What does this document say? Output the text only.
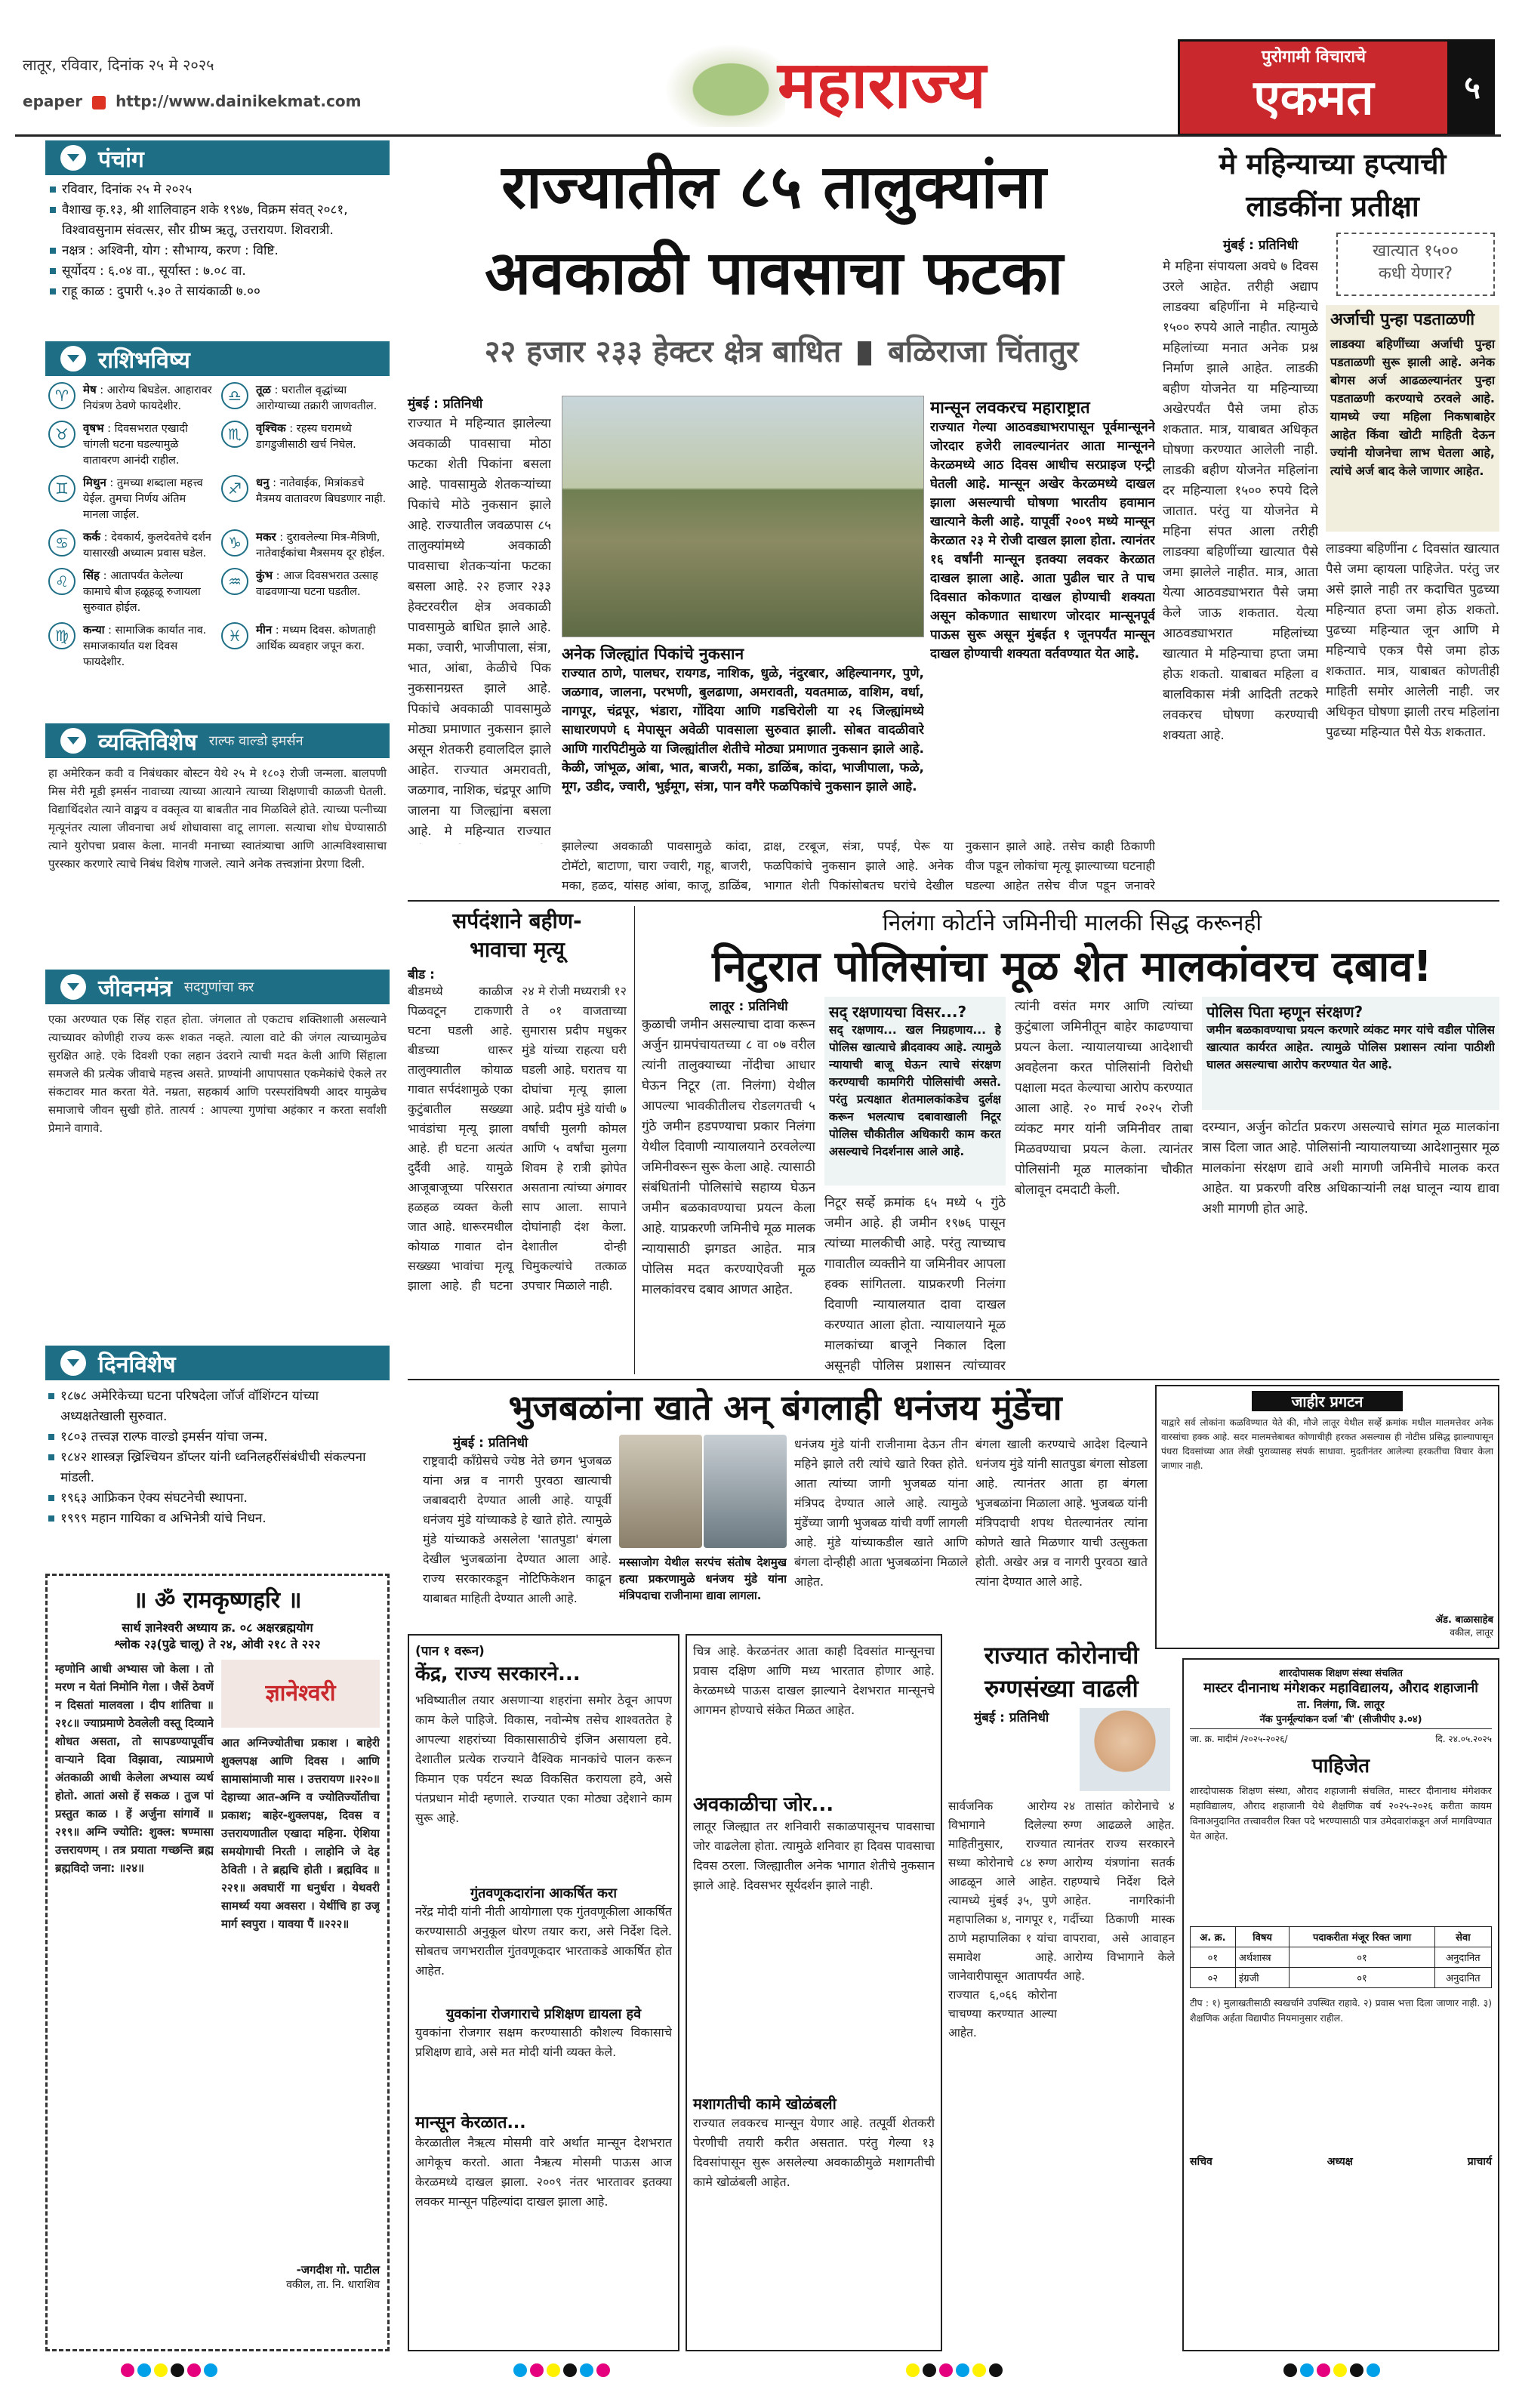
लातूर, रविवार, दिनांक २५ मे २०२५
epaper http://www.dainikekmat.com	महाराज्य	पुरोगामी विचाराचे
एकमत	५
पंचांग
रविवार, दिनांक २५ मे २०२५
वैशाख कृ.१३, श्री शालिवाहन शके १९४७, विक्रम संवत् २०८१, विश्वावसुनाम संवत्सर, सौर ग्रीष्म ऋतू, उत्तरायण. शिवरात्री.
नक्षत्र : अश्विनी, योग : सौभाग्य, करण : विष्टि.
सूर्योदय : ६.०४ वा., सूर्यास्त : ७.०८ वा.
राहू काळ : दुपारी ५.३० ते सायंकाळी ७.००
राशिभविष्य
♈	मेष : आरोग्य बिघडेल. आहारावर नियंत्रण ठेवणे फायदेशीर.
♎	तूळ : घरातील वृद्धांच्या आरोग्याच्या तक्रारी जाणवतील.
♉	वृषभ : दिवसभरात एखादी चांगली घटना घडल्यामुळे वातावरण आनंदी राहील.
♏	वृश्चिक : रहस्य घरामध्ये डागडुजीसाठी खर्च निघेल.
♊	मिथुन : तुमच्या शब्दाला महत्त्व येईल. तुमचा निर्णय अंतिम मानला जाईल.
♐	धनु : नातेवाईक, मित्रांकडचे मैत्रमय वातावरण बिघडणार नाही.
♋	कर्क : देवकार्य, कुलदेवतेचे दर्शन यासारखी अध्यात्म प्रवास घडेल.
♑	मकर : दुरावलेल्या मित्र-मैत्रिणी, नातेवाईकांचा मैत्रसमय दूर होईल.
♌	सिंह : आतापर्यंत केलेल्या कामाचे बीज हळूहळू रुजायला सुरुवात होईल.
♒	कुंभ : आज दिवसभरात उत्साह वाढवणाऱ्या घटना घडतील.
♍	कन्या : सामाजिक कार्यात नाव. समाजकार्यात यश दिवस फायदेशीर.
♓	मीन : मध्यम दिवस. कोणताही आर्थिक व्यवहार जपून करा.
व्यक्तिविशेष राल्फ वाल्डो इमर्सन
हा अमेरिकन कवी व निबंधकार बोस्टन येथे २५ मे १८०३ रोजी जन्मला. बालपणी मिस मेरी मूडी इमर्सन नावाच्या त्याच्या आत्याने त्याच्या शिक्षणाची काळजी घेतली. विद्यार्थिदशेत त्याने वाङ्मय व वक्तृत्व या बाबतीत नाव मिळविले होते. त्याच्या पत्नीच्या मृत्यूनंतर त्याला जीवनाचा अर्थ शोधावासा वाटू लागला. सत्याचा शोध घेण्यासाठी त्याने युरोपचा प्रवास केला. मानवी मनाच्या स्वातंत्र्याचा आणि आत्मविश्वासाचा पुरस्कार करणारे त्याचे निबंध विशेष गाजले. त्याने अनेक तत्त्वज्ञांना प्रेरणा दिली.
जीवनमंत्र सदगुणांचा कर
एका अरण्यात एक सिंह राहत होता. जंगलात तो एकटाच शक्तिशाली असल्याने त्याच्यावर कोणीही राज्य करू शकत नव्हते. त्याला वाटे की जंगल त्याच्यामुळेच सुरक्षित आहे. एके दिवशी एका लहान उंदराने त्याची मदत केली आणि सिंहाला समजले की प्रत्येक जीवाचे महत्त्व असते. प्राण्यांनी आपापसात एकमेकांचे ऐकले तर संकटावर मात करता येते. नम्रता, सहकार्य आणि परस्परांविषयी आदर यामुळेच समाजाचे जीवन सुखी होते. तात्पर्य : आपल्या गुणांचा अहंकार न करता सर्वांशी प्रेमाने वागावे.
दिनविशेष
१८७८ अमेरिकेच्या घटना परिषदेला जॉर्ज वॉशिंग्टन यांच्या अध्यक्षतेखाली सुरुवात.
१८०३ तत्त्वज्ञ राल्फ वाल्डो इमर्सन यांचा जन्म.
१८४२ शास्त्रज्ञ ख्रिश्चियन डॉप्लर यांनी ध्वनिलहरींसंबंधीची संकल्पना मांडली.
१९६३ आफ्रिकन ऐक्य संघटनेची स्थापना.
१९९९ महान गायिका व अभिनेत्री यांचे निधन.
॥ ॐ रामकृष्णहरि ॥
सार्थ ज्ञानेश्वरी अध्याय क्र. ०८ अक्षरब्रह्मयोग
श्लोक २३(पुढे चालू) ते २४, ओवी २१८ ते २२२
म्हणोनि आधी अभ्यास जो केला । तो मरण न येतां निमोनि गेला । जैसें ठेवणें न दिसतां मालवला । दीप शांतिचा ॥२१८॥ ज्याप्रमाणे ठेवलेली वस्तू दिव्याने शोधत असता, तो सापडण्यापूर्वीच वाऱ्याने दिवा विझावा, त्याप्रमाणे अंतकाळी आधी केलेला अभ्यास व्यर्थ होतो. आतां असो हें सकळ । तुज पां प्रस्तुत काळ । हें अर्जुना सांगावें ॥२१९॥ अग्नि ज्योति: शुक्ल: षण्मासा उत्तरायणम् । तत्र प्रयाता गच्छन्ति ब्रह्म ब्रह्मविदो जना: ॥२४॥
ज्ञानेश्वरी
आत अग्निज्योतीचा प्रकाश । बाहेरी शुक्लपक्ष आणि दिवस । आणि सामासांमाजी मास । उत्तरायण ॥२२०॥ देहाच्या आत-अग्नि व ज्योतिर्ज्योतीचा प्रकाश; बाहेर-शुक्लपक्ष, दिवस व उत्तरायणातील एखादा महिना. ऐशिया समयोगाची निरती । लाहोनि जे देह ठेविती । ते ब्रह्मचि होती । ब्रह्मविद ॥२२१॥ अवघारीं गा धनुर्धरा । येथवरी सामर्थ्य यया अवसरा । येथींचि हा उजू मार्ग स्वपुरा । यावया पैं ॥२२२॥
-जगदीश गो. पाटील
वकील, ता. नि. धाराशिव
राज्यातील ८५ तालुक्यांना
अवकाळी पावसाचा फटका
२२ हजार २३३ हेक्टर क्षेत्र बाधित बळिराजा चिंतातुर
मुंबई : प्रतिनिधी
राज्यात मे महिन्यात झालेल्या अवकाळी पावसाचा मोठा फटका शेती पिकांना बसला आहे. पावसामुळे शेतकऱ्यांच्या पिकांचे मोठे नुकसान झाले आहे. राज्यातील जवळपास ८५ तालुक्यांमध्ये अवकाळी पावसाचा शेतकऱ्यांना फटका बसला आहे. २२ हजार २३३ हेक्टरवरील क्षेत्र अवकाळी पावसामुळे बाधित झाले आहे. मका, ज्वारी, भाजीपाला, संत्रा, भात, आंबा, केळीचे पिक नुकसानग्रस्त झाले आहे. पिकांचे अवकाळी पावसामुळे मोठ्या प्रमाणात नुकसान झाले असून शेतकरी हवालदिल झाले आहेत. राज्यात अमरावती, जळगाव, नाशिक, चंद्रपूर आणि जालना या जिल्ह्यांना बसला आहे. मे महिन्यात राज्यात
अनेक जिल्ह्यांत पिकांचे नुकसान
राज्यात ठाणे, पालघर, रायगड, नाशिक, धुळे, नंदुरबार, अहिल्यानगर, पुणे, जळगाव, जालना, परभणी, बुलढाणा, अमरावती, यवतमाळ, वाशिम, वर्धा, नागपूर, चंद्रपूर, भंडारा, गोंदिया आणि गडचिरोली या २६ जिल्ह्यांमध्ये साधारणपणे ६ मेपासून अवेळी पावसाला सुरुवात झाली. सोबत वादळीवारे आणि गारपिटीमुळे या जिल्ह्यांतील शेतीचे मोठ्या प्रमाणात नुकसान झाले आहे. केळी, जांभूळ, आंबा, भात, बाजरी, मका, डाळिंब, कांदा, भाजीपाला, फळे, मूग, उडीद, ज्वारी, भुईमूग, संत्रा, पान वगैरे फळपिकांचे नुकसान झाले आहे.
मान्सून लवकरच महाराष्ट्रात
राज्यात गेल्या आठवड्याभरापासून पूर्वमान्सूनने जोरदार हजेरी लावल्यानंतर आता मान्सूनने केरळमध्ये आठ दिवस आधीच सरप्राइज एन्ट्री घेतली आहे. मान्सून अखेर केरळमध्ये दाखल झाला असल्याची घोषणा भारतीय हवामान खात्याने केली आहे. यापूर्वी २००९ मध्ये मान्सून केरळात २३ मे रोजी दाखल झाला होता. त्यानंतर १६ वर्षांनी मान्सून इतक्या लवकर केरळात दाखल झाला आहे. आता पुढील चार ते पाच दिवसात कोकणात दाखल होण्याची शक्यता असून कोकणात साधारण जोरदार मान्सूनपूर्व पाऊस सुरू असून मुंबईत १ जूनपर्यंत मान्सून दाखल होण्याची शक्यता वर्तवण्यात येत आहे.
झालेल्या अवकाळी पावसामुळे कांदा, टोमॅटो, बाटाणा, चारा ज्वारी, गहू, बाजरी, मका, हळद, यांसह आंबा, काजू, डाळिंब, द्राक्ष, टरबूज, संत्रा, पपई, पेरू या फळपिकांचे नुकसान झाले आहे. अनेक भागात शेती पिकांसोबतच घरांचे देखील नुकसान झाले आहे. तसेच काही ठिकाणी वीज पडून लोकांचा मृत्यू झाल्याच्या घटनाही घडल्या आहेत तसेच वीज पडून जनावरे
मे महिन्याच्या हप्त्याची
लाडकींना प्रतीक्षा
मुंबई : प्रतिनिधी	खात्यात १५००
कधी येणार?
अर्जाची पुन्हा पडताळणी
लाडक्या बहिणींच्या अर्जाची पुन्हा पडताळणी सुरू झाली आहे. अनेक बोगस अर्ज आढळल्यानंतर पुन्हा पडताळणी करण्याचे ठरवले आहे. यामध्ये ज्या महिला निकषाबाहेर आहेत किंवा खोटी माहिती देऊन ज्यांनी योजनेचा लाभ घेतला आहे, त्यांचे अर्ज बाद केले जाणार आहेत.
मे महिना संपायला अवघे ७ दिवस उरले आहेत. तरीही अद्याप लाडक्या बहिणींना मे महिन्याचे १५०० रुपये आले नाहीत. त्यामुळे महिलांच्या मनात अनेक प्रश्न निर्माण झाले आहेत. लाडकी बहीण योजनेत या महिन्याच्या अखेरपर्यंत पैसे जमा होऊ शकतात. मात्र, याबाबत अधिकृत घोषणा करण्यात आलेली नाही. लाडकी बहीण योजनेत महिलांना दर महिन्याला १५०० रुपये दिले जातात. परंतु या योजनेत मे महिना संपत आला तरीही लाडक्या बहिणींच्या खात्यात पैसे जमा झालेले नाहीत. मात्र, आता येत्या आठवड्याभरात पैसे जमा केले जाऊ शकतात. येत्या आठवड्याभरात महिलांच्या खात्यात मे महिन्याचा हप्ता जमा होऊ शकतो. याबाबत महिला व बालविकास मंत्री आदिती तटकरे लवकरच घोषणा करण्याची शक्यता आहे.
लाडक्या बहिणींना ८ दिवसांत खात्यात पैसे जमा व्हायला पाहिजेत. परंतु जर असे झाले नाही तर कदाचित पुढच्या महिन्यात हप्ता जमा होऊ शकतो. पुढच्या महिन्यात जून आणि मे महिन्याचे एकत्र पैसे जमा होऊ शकतात. मात्र, याबाबत कोणतीही माहिती समोर आलेली नाही. जर अधिकृत घोषणा झाली तरच महिलांना पुढच्या महिन्यात पैसे येऊ शकतात.
सर्पदंशाने बहीण-
भावाचा मृत्यू
बीड :
बीडमध्ये काळीज पिळवटून टाकणारी घटना घडली आहे. बीडच्या धारूर तालुक्यातील कोयाळ गावात सर्पदंशामुळे एका कुटुंबातील सख्ख्या भावंडांचा मृत्यू झाला आहे. ही घटना अत्यंत दुर्दैवी आहे. यामुळे आजूबाजूच्या परिसरात हळहळ व्यक्त केली जात आहे. धारूरमधील कोयाळ गावात दोन सख्ख्या भावांचा मृत्यू झाला आहे. ही घटना २४ मे रोजी मध्यरात्री १२ ते ०१ वाजताच्या सुमारास प्रदीप मधुकर मुंडे यांच्या राहत्या घरी घडली आहे. घरातच या दोघांचा मृत्यू झाला आहे. प्रदीप मुंडे यांची ७ वर्षांची मुलगी कोमल आणि ५ वर्षांचा मुलगा शिवम हे रात्री झोपेत असताना त्यांच्या अंगावर साप आला. सापाने दोघांनाही दंश केला. देशातील दोन्ही चिमुकल्यांचे तत्काळ उपचार मिळाले नाही.
निलंगा कोर्टाने जमिनीची मालकी सिद्ध करूनही
निटुरात पोलिसांचा मूळ शेत मालकांवरच दबाव!
लातूर : प्रतिनिधी
कुळाची जमीन असल्याचा दावा करून अर्जुन ग्रामपंचायतच्या ८ वा ०७ वरील त्यांनी तालुक्याच्या नोंदीचा आधार घेऊन निटूर (ता. निलंगा) येथील आपल्या भावकीतीलच रोडलगतची ५ गुंठे जमीन हडपण्याचा प्रकार निलंगा येथील दिवाणी न्यायालयाने ठरवलेल्या जमिनीवरून सुरू केला आहे. त्यासाठी संबंधितांनी पोलिसांचे सहाय्य घेऊन जमीन बळकावण्याचा प्रयत्न केला आहे. याप्रकरणी जमिनीचे मूळ मालक न्यायासाठी झगडत आहेत. मात्र पोलिस मदत करण्याऐवजी मूळ मालकांवरच दबाव आणत आहेत.
सद् रक्षणायचा विसर...?
सद् रक्षणाय... खल निग्रहणाय... हे पोलिस खात्याचे ब्रीदवाक्य आहे. त्यामुळे न्यायाची बाजू घेऊन त्याचे संरक्षण करण्याची कामगिरी पोलिसांची असते. परंतु प्रत्यक्षात शेतमालकांकडेच दुर्लक्ष करून भलत्याच दबावाखाली निटूर पोलिस चौकीतील अधिकारी काम करत असल्याचे निदर्शनास आले आहे.
निटूर सर्व्हे क्रमांक ६५ मध्ये ५ गुंठे जमीन आहे. ही जमीन १९७६ पासून त्यांच्या मालकीची आहे. परंतु त्याच्याच गावातील व्यक्तीने या जमिनीवर आपला हक्क सांगितला. याप्रकरणी निलंगा दिवाणी न्यायालयात दावा दाखल करण्यात आला होता. न्यायालयाने मूळ मालकांच्या बाजूने निकाल दिला असूनही पोलिस प्रशासन त्यांच्यावर
त्यांनी वसंत मगर आणि त्यांच्या कुटुंबाला जमिनीतून बाहेर काढण्याचा प्रयत्न केला. न्यायालयाच्या आदेशाची अवहेलना करत पोलिसांनी विरोधी पक्षाला मदत केल्याचा आरोप करण्यात आला आहे. २० मार्च २०२५ रोजी व्यंकट मगर यांनी जमिनीवर ताबा मिळवण्याचा प्रयत्न केला. त्यानंतर पोलिसांनी मूळ मालकांना चौकीत बोलावून दमदाटी केली.
पोलिस पिता म्हणून संरक्षण?
जमीन बळकावण्याचा प्रयत्न करणारे व्यंकट मगर यांचे वडील पोलिस खात्यात कार्यरत आहेत. त्यामुळे पोलिस प्रशासन त्यांना पाठीशी घालत असल्याचा आरोप करण्यात येत आहे.
दरम्यान, अर्जुन कोर्टात प्रकरण असल्याचे सांगत मूळ मालकांना त्रास दिला जात आहे. पोलिसांनी न्यायालयाच्या आदेशानुसार मूळ मालकांना संरक्षण द्यावे अशी मागणी जमिनीचे मालक करत आहेत. या प्रकरणी वरिष्ठ अधिकाऱ्यांनी लक्ष घालून न्याय द्यावा अशी मागणी होत आहे.
भुजबळांना खाते अन् बंगलाही धनंजय मुंडेंचा
मुंबई : प्रतिनिधी
राष्ट्रवादी काँग्रेसचे ज्येष्ठ नेते छगन भुजबळ यांना अन्न व नागरी पुरवठा खात्याची जबाबदारी देण्यात आली आहे. यापूर्वी धनंजय मुंडे यांच्याकडे हे खाते होते. त्यामुळे मुंडे यांच्याकडे असलेला 'सातपुडा' बंगला देखील भुजबळांना देण्यात आला आहे. राज्य सरकारकडून नोटिफिकेशन काढून याबाबत माहिती देण्यात आली आहे.
मस्साजोग येथील सरपंच संतोष देशमुख हत्या प्रकरणामुळे धनंजय मुंडे यांना मंत्रिपदाचा राजीनामा द्यावा लागला.
धनंजय मुंडे यांनी राजीनामा देऊन तीन महिने झाले तरी त्यांचे खाते रिक्त होते. आता त्यांच्या जागी भुजबळ यांना मंत्रिपद देण्यात आले आहे. त्यामुळे मुंडेंच्या जागी भुजबळ यांची वर्णी लागली आहे. मुंडे यांच्याकडील खाते आणि बंगला दोन्हीही आता भुजबळांना मिळाले आहेत.
बंगला खाली करण्याचे आदेश दिल्याने धनंजय मुंडे यांनी सातपुडा बंगला सोडला आहे. त्यानंतर आता हा बंगला भुजबळांना मिळाला आहे. भुजबळ यांनी मंत्रिपदाची शपथ घेतल्यानंतर त्यांना कोणते खाते मिळणार याची उत्सुकता होती. अखेर अन्न व नागरी पुरवठा खाते त्यांना देण्यात आले आहे.
(पान १ वरून)
केंद्र, राज्य सरकारने...
भविष्यातील तयार असणाऱ्या शहरांना समोर ठेवून आपण काम केले पाहिजे. विकास, नवोन्मेष तसेच शाश्वततेत हे आपल्या शहरांच्या विकासासाठीचे इंजिन असायला हवे. देशातील प्रत्येक राज्याने वैश्विक मानकांचे पालन करून किमान एक पर्यटन स्थळ विकसित करायला हवे, असे पंतप्रधान मोदी म्हणाले. राज्यात एका मोठ्या उद्देशाने काम सुरू आहे.
गुंतवणूकदारांना आकर्षित करा
नरेंद्र मोदी यांनी नीती आयोगाला एक गुंतवणूकीला आकर्षित करण्यासाठी अनुकूल धोरण तयार करा, असे निर्देश दिले. सोबतच जगभरातील गुंतवणूकदार भारताकडे आकर्षित होत आहेत.
युवकांना रोजगाराचे प्रशिक्षण द्यायला हवे
युवकांना रोजगार सक्षम करण्यासाठी कौशल्य विकासाचे प्रशिक्षण द्यावे, असे मत मोदी यांनी व्यक्त केले.
मान्सून केरळात...
केरळातील नैऋत्य मोसमी वारे अर्थात मान्सून देशभरात आगेकूच करतो. आता नैऋत्य मोसमी पाऊस आज केरळमध्ये दाखल झाला. २००९ नंतर भारतावर इतक्या लवकर मान्सून पहिल्यांदा दाखल झाला आहे.
चित्र आहे. केरळनंतर आता काही दिवसांत मान्सूनचा प्रवास दक्षिण आणि मध्य भारतात होणार आहे. केरळमध्ये पाऊस दाखल झाल्याने देशभरात मान्सूनचे आगमन होण्याचे संकेत मिळत आहेत.
अवकाळीचा जोर...
लातूर जिल्ह्यात तर शनिवारी सकाळपासूनच पावसाचा जोर वाढलेला होता. त्यामुळे शनिवार हा दिवस पावसाचा दिवस ठरला. जिल्ह्यातील अनेक भागात शेतीचे नुकसान झाले आहे. दिवसभर सूर्यदर्शन झाले नाही.
मशागतीची कामे खोळंबली
राज्यात लवकरच मान्सून येणार आहे. तत्पूर्वी शेतकरी पेरणीची तयारी करीत असतात. परंतु गेल्या १३ दिवसांपासून सुरू असलेल्या अवकाळीमुळे मशागतीची कामे खोळंबली आहेत.
राज्यात कोरोनाची
रुग्णसंख्या वाढली
मुंबई : प्रतिनिधी
सार्वजनिक आरोग्य विभागाने दिलेल्या माहितीनुसार, राज्यात सध्या कोरोनाचे ८४ रुग्ण आढळून आले आहेत. त्यामध्ये मुंबई ३५, पुणे महापालिका ४, नागपूर १, ठाणे महापालिका १ यांचा समावेश आहे. जानेवारीपासून आतापर्यंत राज्यात ६,०६६ कोरोना चाचण्या करण्यात आल्या आहेत.
२४ तासांत कोरोनाचे ४ रुग्ण आढळले आहेत. त्यानंतर राज्य सरकारने आरोग्य यंत्रणांना सतर्क राहण्याचे निर्देश दिले आहेत. नागरिकांनी गर्दीच्या ठिकाणी मास्क वापरावा, असे आवाहन आरोग्य विभागाने केले आहे.
जाहीर प्रगटन
याद्वारे सर्व लोकांना कळविण्यात येते की, मौजे लातूर येथील सर्व्हे क्रमांक मधील मालमत्तेवर अनेक वारसांचा हक्क आहे. सदर मालमत्तेबाबत कोणाचीही हरकत असल्यास ही नोटीस प्रसिद्ध झाल्यापासून पंधरा दिवसांच्या आत लेखी पुराव्यासह संपर्क साधावा. मुदतीनंतर आलेल्या हरकतींचा विचार केला जाणार नाही.
ॲड. बाळासाहेब
वकील, लातूर
शारदोपासक शिक्षण संस्था संचलित
मास्टर दीनानाथ मंगेशकर महाविद्यालय, औराद शहाजानी
ता. निलंगा, जि. लातूर
नॅक पुनर्मूल्यांकन दर्जा 'बी' (सीजीपीए ३.०४)
जा. क्र. मादीमं /२०२५-२०२६/	दि. २४.०५.२०२५
पाहिजेत
शारदोपासक शिक्षण संस्था, औराद शहाजानी संचलित, मास्टर दीनानाथ मंगेशकर महाविद्यालय, औराद शहाजानी येथे शैक्षणिक वर्ष २०२५-२०२६ करीता कायम विनाअनुदानित तत्त्वावरील रिक्त पदे भरण्यासाठी पात्र उमेदवारांकडून अर्ज मागविण्यात येत आहेत.
अ. क्र.	विषय	पदाकरीता मंजूर रिक्त जागा	सेवा
०१	अर्थशास्त्र	०१	अनुदानित
०२	इंग्रजी	०१	अनुदानित
टीप : १) मुलाखतीसाठी स्वखर्चाने उपस्थित राहावे. २) प्रवास भत्ता दिला जाणार नाही. ३) शैक्षणिक अर्हता विद्यापीठ नियमानुसार राहील.
सचिव	अध्यक्ष	प्राचार्य
